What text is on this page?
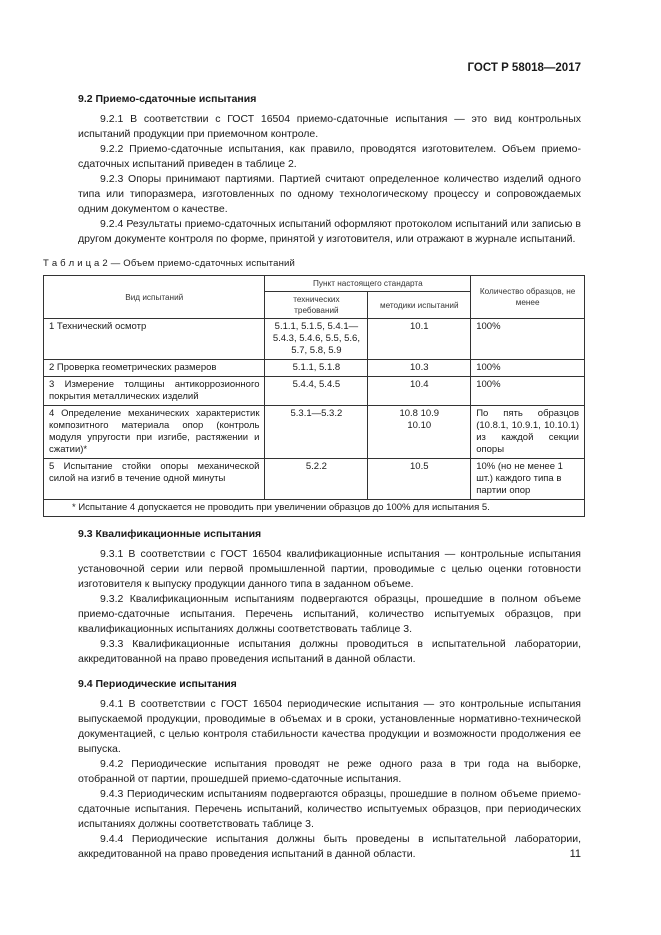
ГОСТ Р 58018—2017

9.2 Приемо-сдаточные испытания

9.2.1 В соответствии с ГОСТ 16504 приемо-сдаточные испытания — это вид контрольных испытаний продукции при приемочном контроле.

9.2.2 Приемо-сдаточные испытания, как правило, проводятся изготовителем. Объем приемо-сдаточных испытаний приведен в таблице 2.

9.2.3 Опоры принимают партиями. Партией считают определенное количество изделий одного типа или типоразмера, изготовленных по одному технологическому процессу и сопровождаемых одним документом о качестве.

9.2.4 Результаты приемо-сдаточных испытаний оформляют протоколом испытаний или записью в другом документе контроля по форме, принятой у изготовителя, или отражают в журнале испытаний.

Т а б л и ц а 2 — Объем приемо-сдаточных испытаний
Вид испытаний	Пункт настоящего стандарта		Количество образцов, не менее
	технических требований	методики испытаний	
1 Технический осмотр	5.1.1, 5.1.5, 5.4.1—5.4.3, 5.4.6, 5.5, 5.6, 5.7, 5.8, 5.9	10.1	100%
2 Проверка геометрических размеров	5.1.1, 5.1.8	10.3	100%
3 Измерение толщины антикоррозионного покрытия металлических изделий	5.4.4, 5.4.5	10.4	100%
4 Определение механических характеристик композитного материала опор (контроль модуля упругости при изгибе, растяжении и сжатии)*	5.3.1—5.3.2	10.8 10.9 10.10	По пять образцов (10.8.1, 10.9.1, 10.10.1) из каждой секции опоры
5 Испытание стойки опоры механической силой на изгиб в течение одной минуты	5.2.2	10.5	10% (но не менее 1 шт.) каждого типа в партии опор
* Испытание 4 допускается не проводить при увеличении образцов до 100% для испытания 5.			

9.3 Квалификационные испытания

9.3.1 В соответствии с ГОСТ 16504 квалификационные испытания — контрольные испытания установочной серии или первой промышленной партии, проводимые с целью оценки готовности изготовителя к выпуску продукции данного типа в заданном объеме.

9.3.2 Квалификационным испытаниям подвергаются образцы, прошедшие в полном объеме приемо-сдаточные испытания. Перечень испытаний, количество испытуемых образцов, при квалификационных испытаниях должны соответствовать таблице 3.

9.3.3 Квалификационные испытания должны проводиться в испытательной лаборатории, аккредитованной на право проведения испытаний в данной области.

9.4 Периодические испытания

9.4.1 В соответствии с ГОСТ 16504 периодические испытания — это контрольные испытания выпускаемой продукции, проводимые в объемах и в сроки, установленные нормативно-технической документацией, с целью контроля стабильности качества продукции и возможности продолжения ее выпуска.

9.4.2 Периодические испытания проводят не реже одного раза в три года на выборке, отобранной от партии, прошедшей приемо-сдаточные испытания.

9.4.3 Периодическим испытаниям подвергаются образцы, прошедшие в полном объеме приемо-сдаточные испытания. Перечень испытаний, количество испытуемых образцов, при периодических испытаниях должны соответствовать таблице 3.

9.4.4 Периодические испытания должны быть проведены в испытательной лаборатории, аккредитованной на право проведения испытаний в данной области.	11
